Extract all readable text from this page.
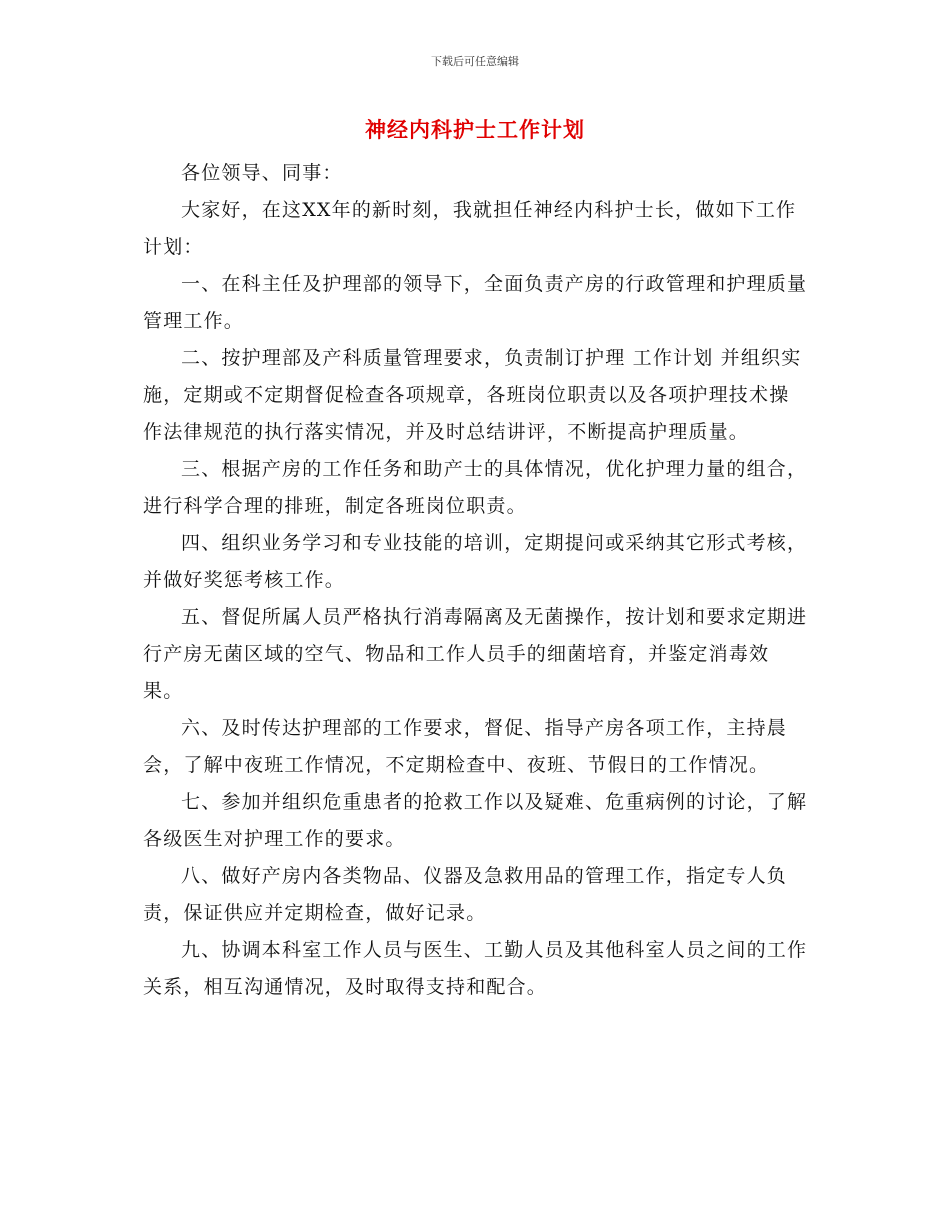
下载后可任意编辑
神经内科护士工作计划

各位领导、同事：

大家好，在这XX年的新时刻，我就担任神经内科护士长，做如下工作计划：

一、在科主任及护理部的领导下，全面负责产房的行政管理和护理质量管理工作。

二、按护理部及产科质量管理要求，负责制订护理 工作计划 并组织实施，定期或不定期督促检查各项规章，各班岗位职责以及各项护理技术操作法律规范的执行落实情况，并及时总结讲评，不断提高护理质量。

三、根据产房的工作任务和助产士的具体情况，优化护理力量的组合，进行科学合理的排班，制定各班岗位职责。

四、组织业务学习和专业技能的培训，定期提问或采纳其它形式考核，并做好奖惩考核工作。

五、督促所属人员严格执行消毒隔离及无菌操作，按计划和要求定期进行产房无菌区域的空气、物品和工作人员手的细菌培育，并鉴定消毒效果。

六、及时传达护理部的工作要求，督促、指导产房各项工作，主持晨会，了解中夜班工作情况，不定期检查中、夜班、节假日的工作情况。

七、参加并组织危重患者的抢救工作以及疑难、危重病例的讨论，了解各级医生对护理工作的要求。

八、做好产房内各类物品、仪器及急救用品的管理工作，指定专人负责，保证供应并定期检查，做好记录。

九、协调本科室工作人员与医生、工勤人员及其他科室人员之间的工作关系，相互沟通情况，及时取得支持和配合。
